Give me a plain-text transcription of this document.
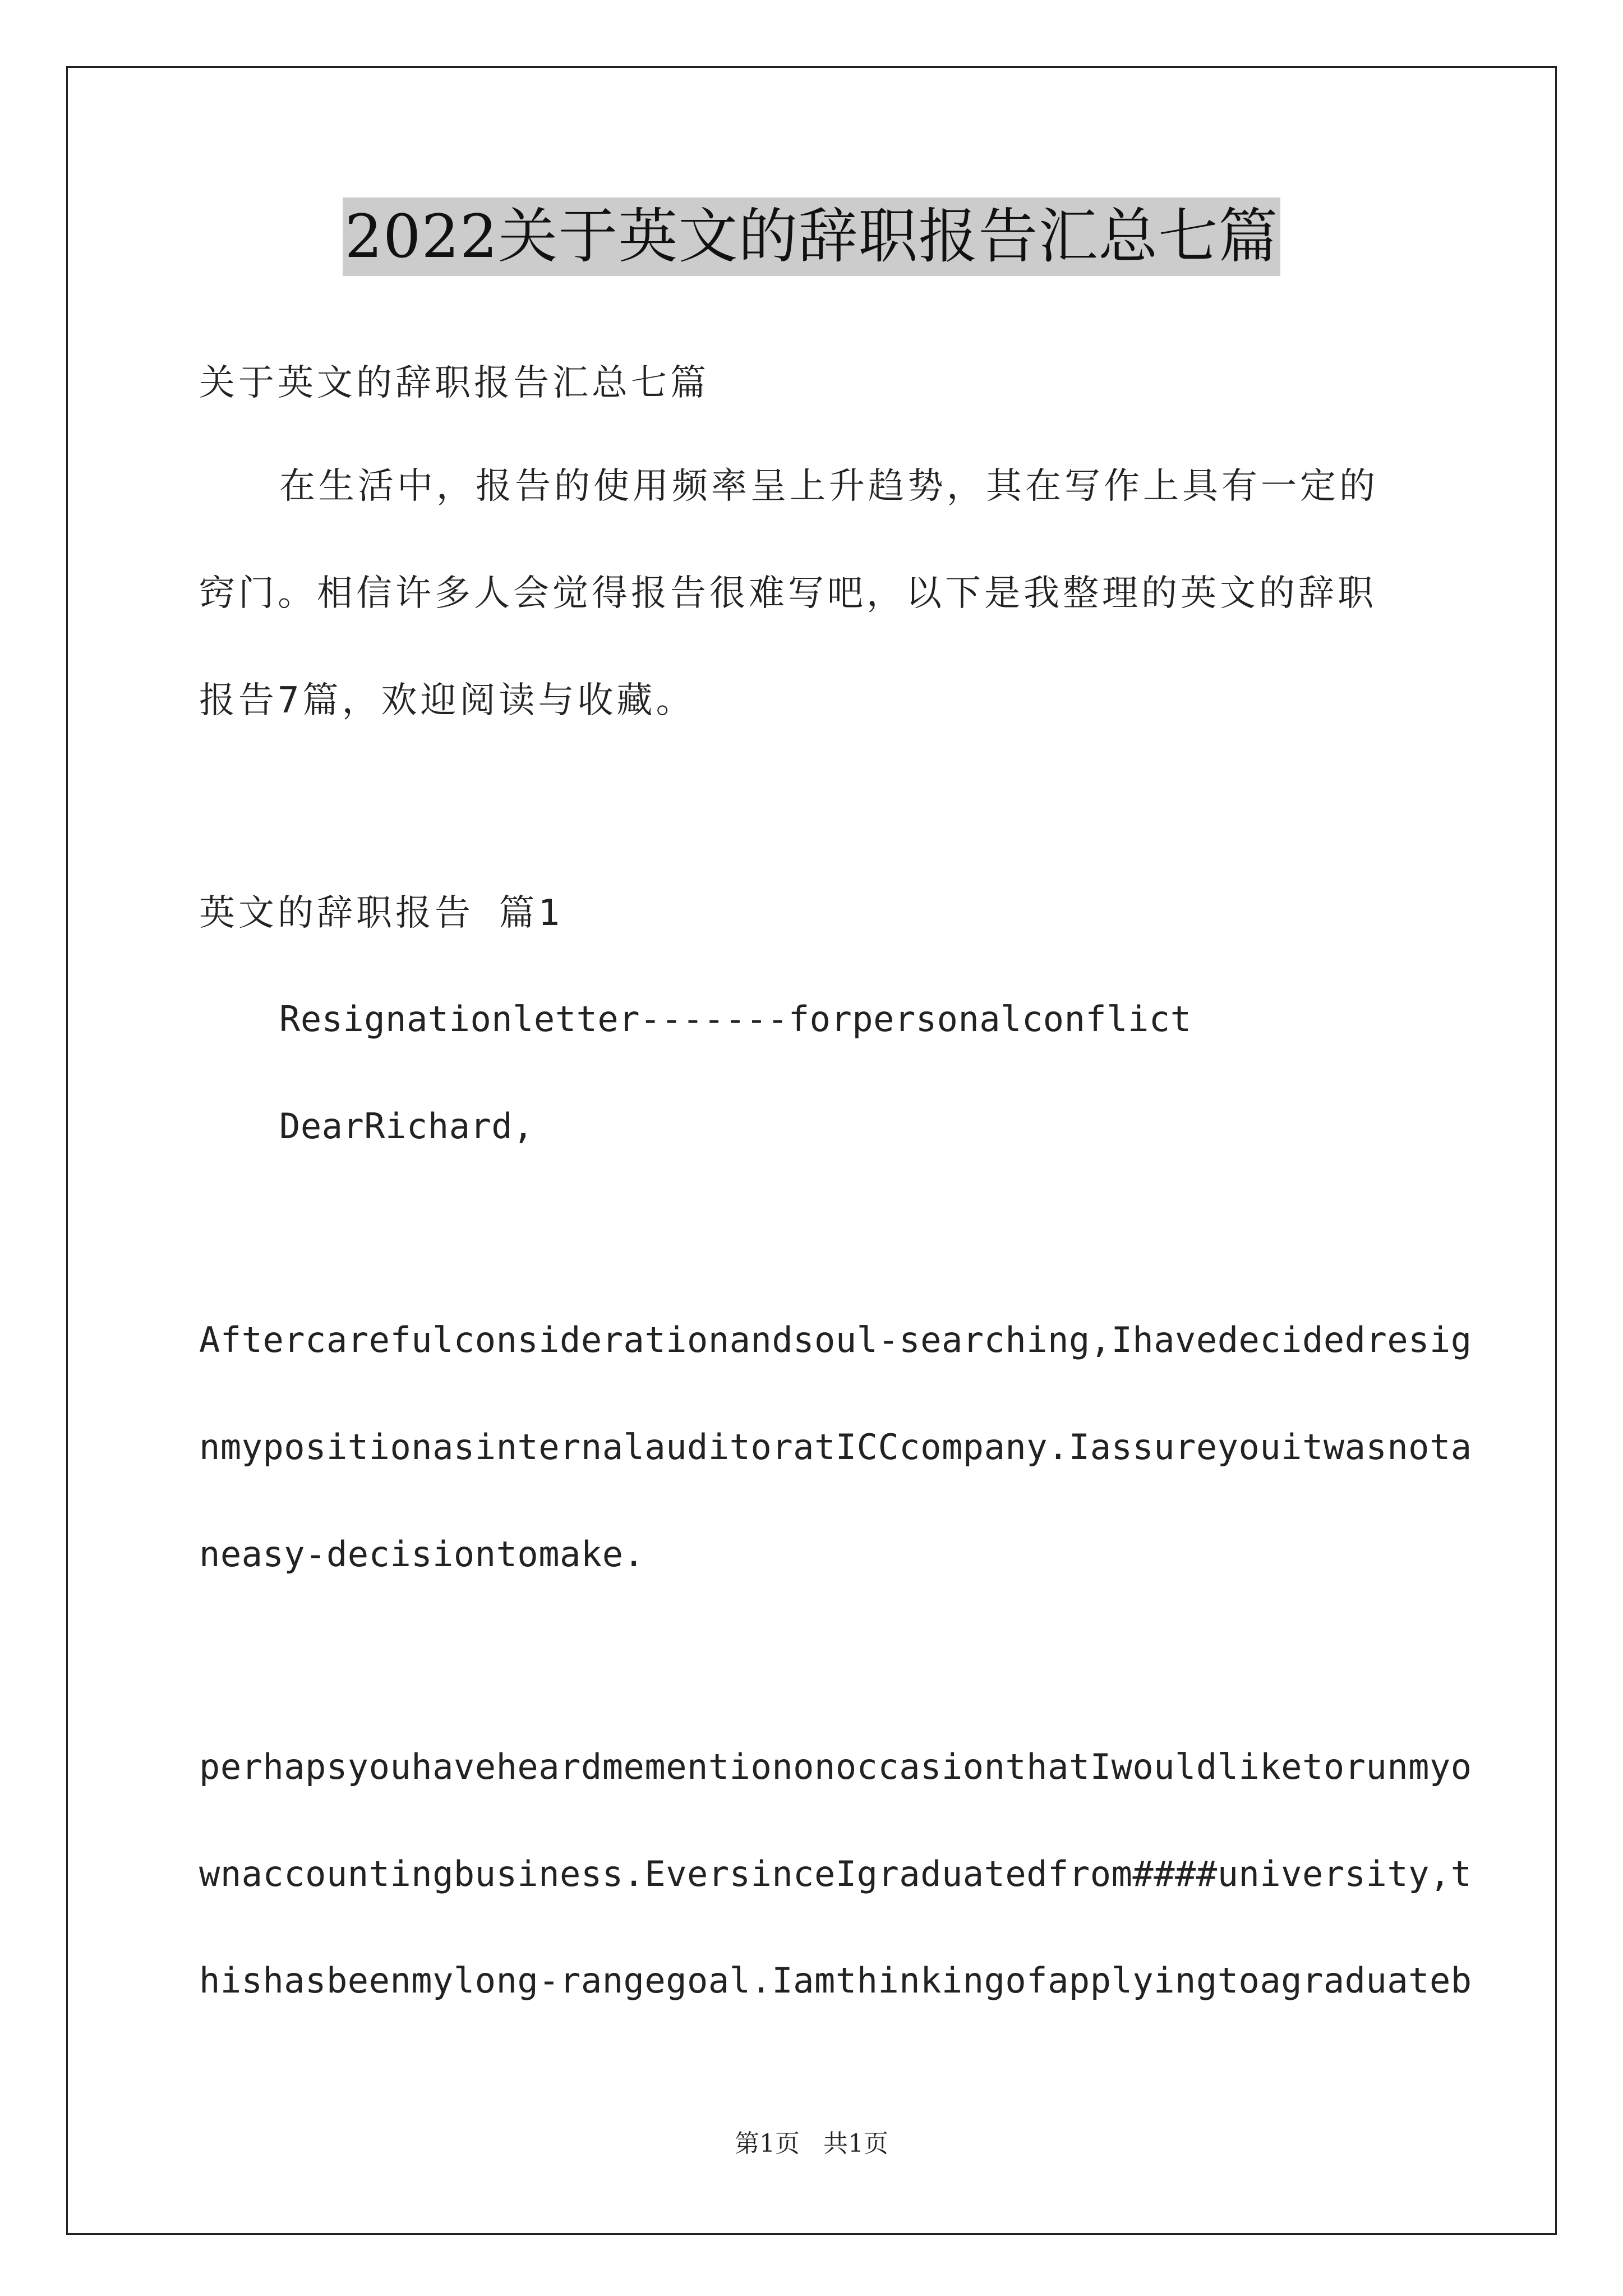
2022关于英文的辞职报告汇总七篇
关于英文的辞职报告汇总七篇
在生活中，报告的使用频率呈上升趋势，其在写作上具有一定的
窍门。相信许多人会觉得报告很难写吧，以下是我整理的英文的辞职
报告7篇，欢迎阅读与收藏。
英文的辞职报告 篇1
Resignationletter-------forpersonalconflict
DearRichard,
Aftercarefulconsiderationandsoul-searching,Ihavedecidedresig
nmypositionasinternalauditoratICCcompany.Iassureyouitwasnota
neasy-decisiontomake.
perhapsyouhaveheardmementiononoccasionthatIwouldliketorunmyo
wnaccountingbusiness.EversinceIgraduatedfrom####university,t
hishasbeenmylong-rangegoal.Iamthinkingofapplyingtoagraduateb
第1页 共1页
